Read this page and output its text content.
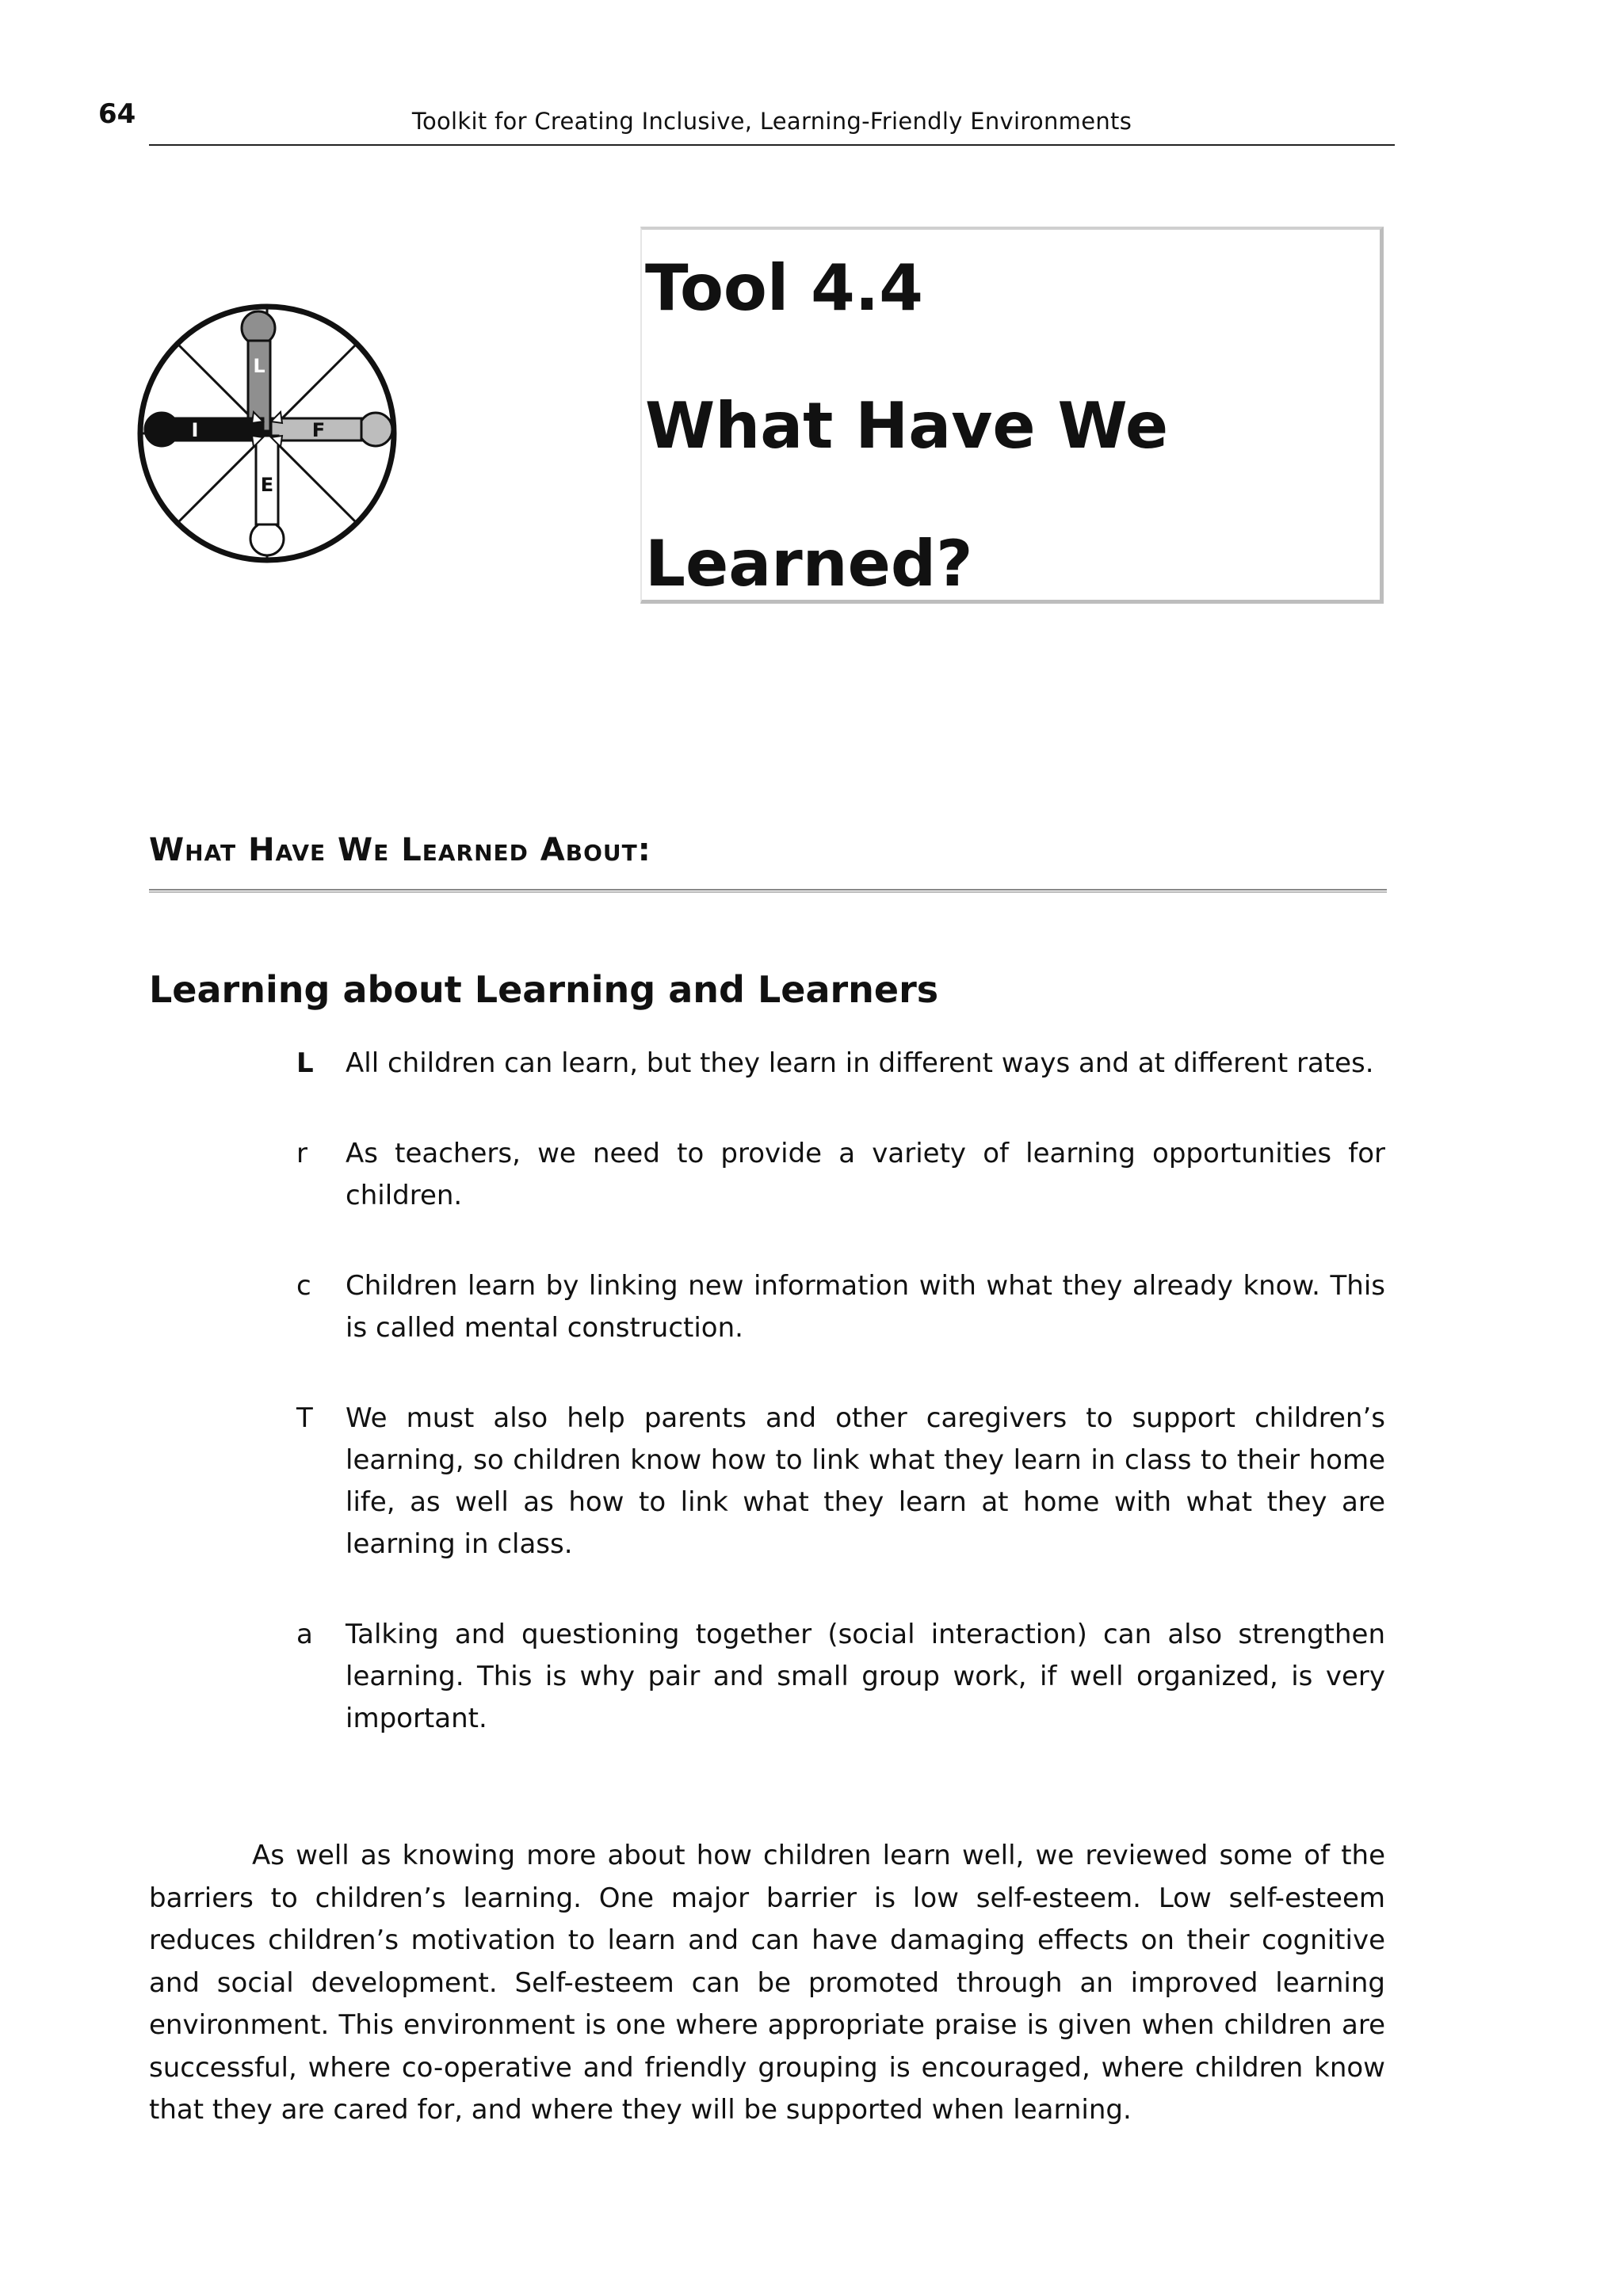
64	Toolkit for Creating Inclusive, Learning-Friendly Environments
L
I	F
E
Tool 4.4
What Have We
Learned?
What Have We Learned About:
Learning about Learning and Learners
L	All children can learn, but they learn in different ways and at different rates.
r	As teachers, we need to provide a variety of learning opportunities for children.
c	Children learn by linking new information with what they already know. This is called mental construction.
T	We must also help parents and other caregivers to support children’s learning, so children know how to link what they learn in class to their home life, as well as how to link what they learn at home with what they are learning in class.
a	Talking and questioning together (social interaction) can also strengthen learning. This is why pair and small group work, if well organized, is very important.

As well as knowing more about how children learn well, we reviewed some of the barriers to children’s learning. One major barrier is low self-esteem. Low self-esteem reduces children’s motivation to learn and can have damaging effects on their cognitive and social development. Self-esteem can be promoted through an improved learning environment. This environment is one where appropriate praise is given when children are successful, where co-operative and friendly grouping is encouraged, where children know that they are cared for, and where they will be supported when learning.
